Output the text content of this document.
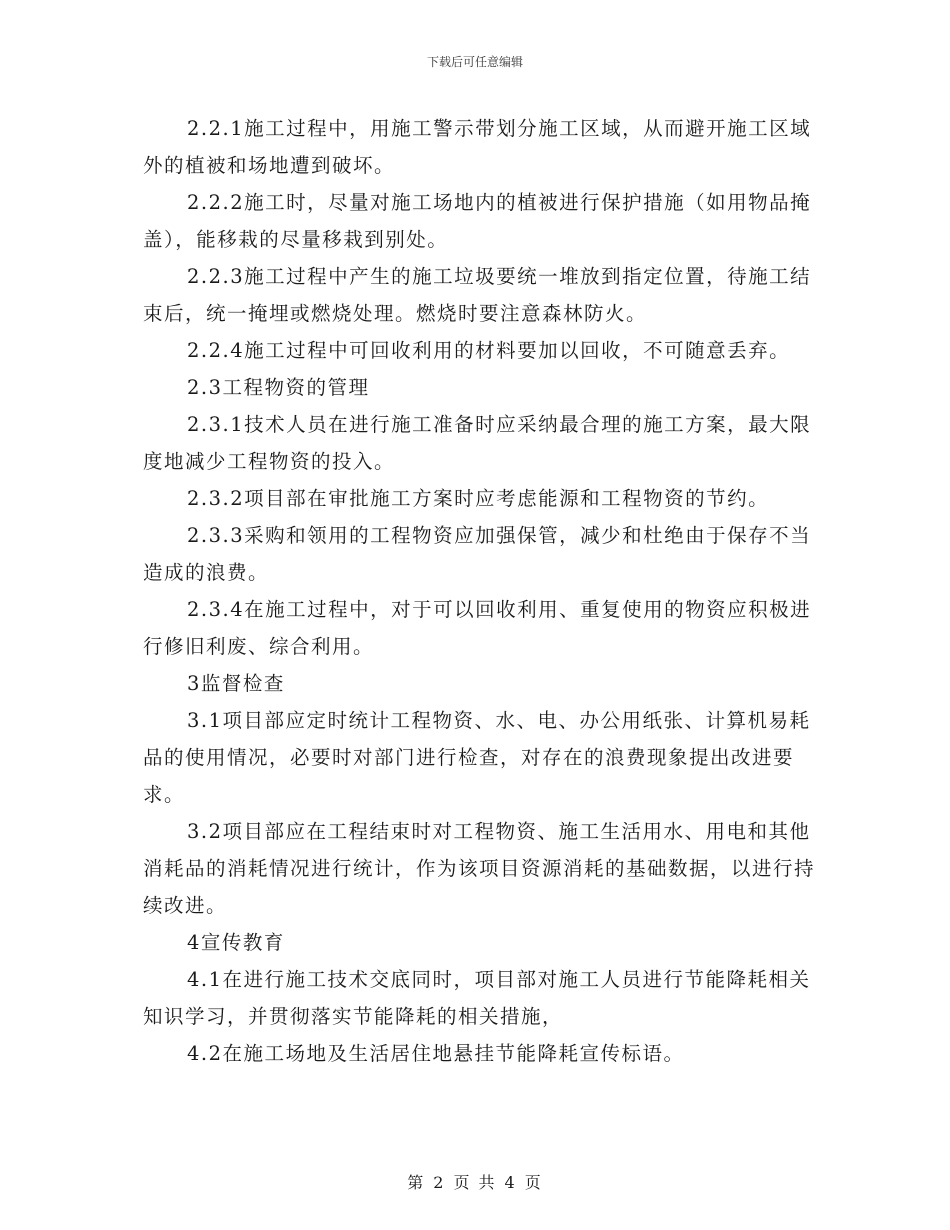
下载后可任意编辑

2.2.1施工过程中，用施工警示带划分施工区域，从而避开施工区域外的植被和场地遭到破坏。

2.2.2施工时，尽量对施工场地内的植被进行保护措施（如用物品掩盖），能移栽的尽量移栽到别处。

2.2.3施工过程中产生的施工垃圾要统一堆放到指定位置，待施工结束后，统一掩埋或燃烧处理。燃烧时要注意森林防火。

2.2.4施工过程中可回收利用的材料要加以回收，不可随意丢弃。

2.3工程物资的管理

2.3.1技术人员在进行施工准备时应采纳最合理的施工方案，最大限度地减少工程物资的投入。

2.3.2项目部在审批施工方案时应考虑能源和工程物资的节约。

2.3.3采购和领用的工程物资应加强保管，减少和杜绝由于保存不当造成的浪费。

2.3.4在施工过程中，对于可以回收利用、重复使用的物资应积极进行修旧利废、综合利用。

3监督检查

3.1项目部应定时统计工程物资、水、电、办公用纸张、计算机易耗品的使用情况，必要时对部门进行检查，对存在的浪费现象提出改进要求。

3.2项目部应在工程结束时对工程物资、施工生活用水、用电和其他消耗品的消耗情况进行统计，作为该项目资源消耗的基础数据，以进行持续改进。

4宣传教育

4.1在进行施工技术交底同时，项目部对施工人员进行节能降耗相关知识学习，并贯彻落实节能降耗的相关措施，

4.2在施工场地及生活居住地悬挂节能降耗宣传标语。

第 2 页 共 4 页
